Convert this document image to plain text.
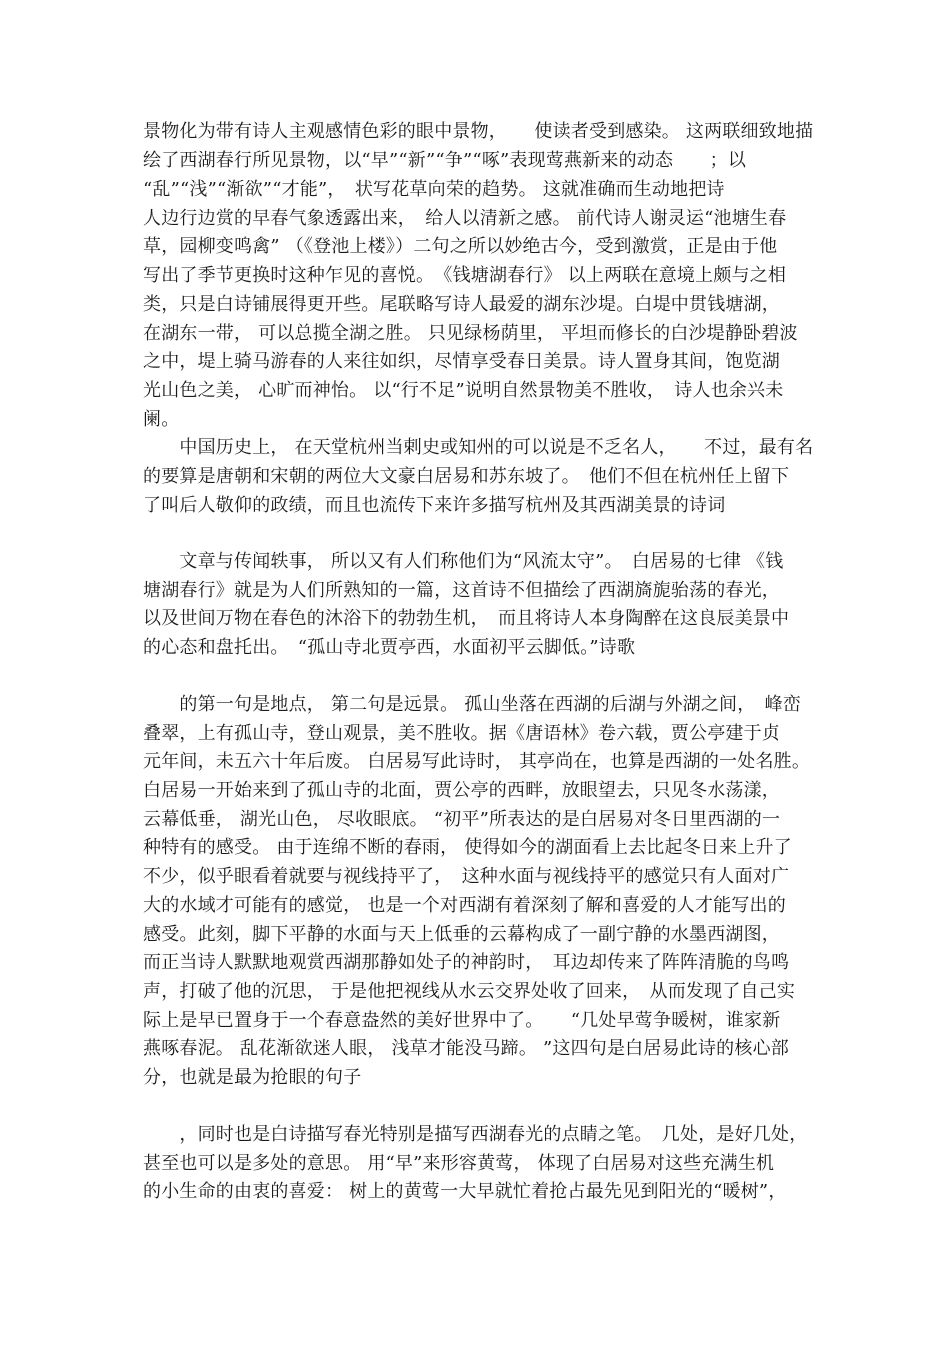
景物化为带有诗人主观感情色彩的眼中景物，　　使读者受到感染。 这两联细致地描
绘了西湖春行所见景物，以“早”“新”“争”“啄”表现莺燕新来的动态　　；以
“乱”“浅”“渐欲”“才能”，　状写花草向荣的趋势。 这就准确而生动地把诗
人边行边赏的早春气象透露出来，　给人以清新之感。 前代诗人谢灵运“池塘生春
草，园柳变鸣禽” （《登池上楼》）二句之所以妙绝古今，受到激赏，正是由于他
写出了季节更换时这种乍见的喜悦。　《钱塘湖春行》 以上两联在意境上颇与之相
类，只是白诗铺展得更开些。尾联略写诗人最爱的湖东沙堤。白堤中贯钱塘湖，
在湖东一带， 可以总揽全湖之胜。 只见绿杨荫里， 平坦而修长的白沙堤静卧碧波
之中，堤上骑马游春的人来往如织，尽情享受春日美景。诗人置身其间，饱览湖
光山色之美， 心旷而神怡。 以“行不足”说明自然景物美不胜收，　诗人也余兴未
阑。
　　中国历史上， 在天堂杭州当剌史或知州的可以说是不乏名人，　　不过，最有名
的要算是唐朝和宋朝的两位大文豪白居易和苏东坡了。　他们不但在杭州任上留下
了叫后人敬仰的政绩，而且也流传下来许多描写杭州及其西湖美景的诗词
　　文章与传闻轶事， 所以又有人们称他们为“风流太守”。　白居易的七律 《钱
塘湖春行》就是为人们所熟知的一篇，这首诗不但描绘了西湖旖旎骀荡的春光，
以及世间万物在春色的沐浴下的勃勃生机，　而且将诗人本身陶醉在这良辰美景中
的心态和盘托出。　“孤山寺北贾亭西，水面初平云脚低。”诗歌
　　的第一句是地点， 第二句是远景。 孤山坐落在西湖的后湖与外湖之间，　峰峦
叠翠，上有孤山寺，登山观景，美不胜收。据《唐语林》卷六载，贾公亭建于贞
元年间，未五六十年后废。 白居易写此诗时， 其亭尚在，也算是西湖的一处名胜。
白居易一开始来到了孤山寺的北面，贾公亭的西畔，放眼望去，只见冬水荡漾，
云幕低垂， 湖光山色， 尽收眼底。 “初平”所表达的是白居易对冬日里西湖的一
种特有的感受。 由于连绵不断的春雨， 使得如今的湖面看上去比起冬日来上升了
不少，似乎眼看着就要与视线持平了，　这种水面与视线持平的感觉只有人面对广
大的水域才可能有的感觉， 也是一个对西湖有着深刻了解和喜爱的人才能写出的
感受。此刻，脚下平静的水面与天上低垂的云幕构成了一副宁静的水墨西湖图，
而正当诗人默默地观赏西湖那静如处子的神韵时，　耳边却传来了阵阵清脆的鸟鸣
声，打破了他的沉思， 于是他把视线从水云交界处收了回来，　从而发现了自己实
际上是早已置身于一个春意盎然的美好世界中了。　　“几处早莺争暖树，谁家新
燕啄春泥。 乱花渐欲迷人眼， 浅草才能没马蹄。 ”这四句是白居易此诗的核心部
分，也就是最为抢眼的句子
　　，同时也是白诗描写春光特别是描写西湖春光的点睛之笔。　几处，是好几处，
甚至也可以是多处的意思。 用“早”来形容黄莺， 体现了白居易对这些充满生机
的小生命的由衷的喜爱： 树上的黄莺一大早就忙着抢占最先见到阳光的“暖树”，
